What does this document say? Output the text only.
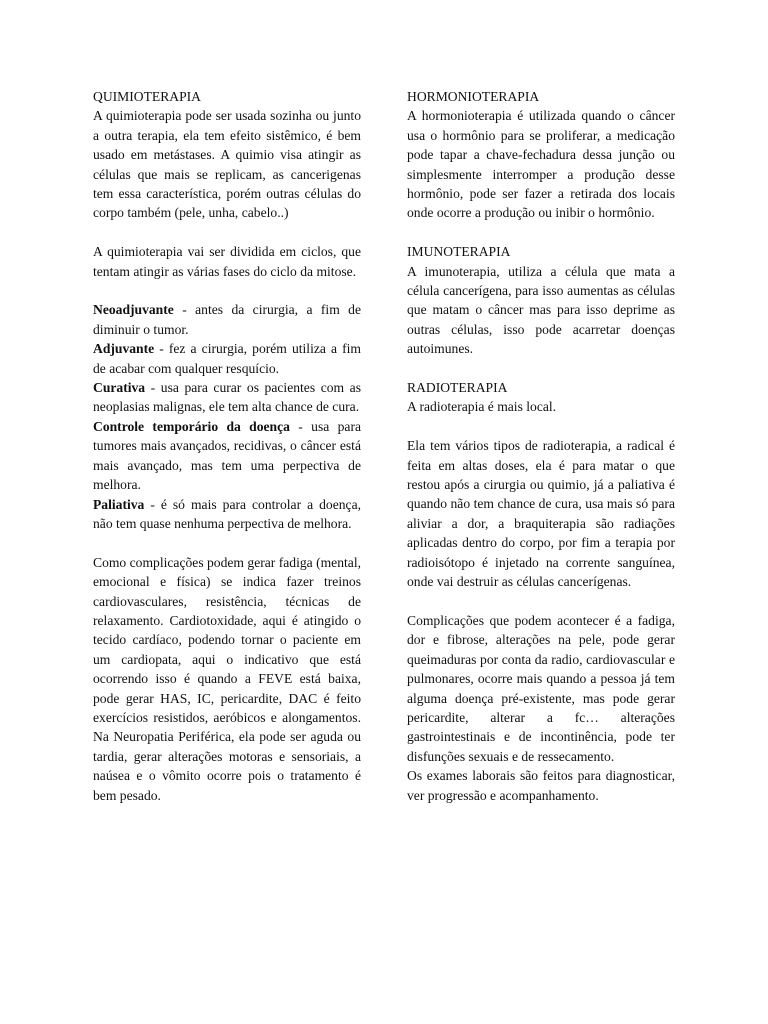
QUIMIOTERAPIA

A quimioterapia pode ser usada sozinha ou junto a outra terapia, ela tem efeito sistêmico, é bem usado em metástases. A quimio visa atingir as células que mais se replicam, as cancerigenas tem essa característica, porém outras células do corpo também (pele, unha, cabelo..)

A quimioterapia vai ser dividida em ciclos, que tentam atingir as várias fases do ciclo da mitose.

Neoadjuvante - antes da cirurgia, a fim de diminuir o tumor.

Adjuvante - fez a cirurgia, porém utiliza a fim de acabar com qualquer resquício.

Curativa - usa para curar os pacientes com as neoplasias malignas, ele tem alta chance de cura.

Controle temporário da doença - usa para tumores mais avançados, recidivas, o câncer está mais avançado, mas tem uma perpectiva de melhora.

Paliativa - é só mais para controlar a doença, não tem quase nenhuma perpectiva de melhora.

Como complicações podem gerar fadiga (mental, emocional e física) se indica fazer treinos cardiovasculares, resistência, técnicas de relaxamento. Cardiotoxidade, aqui é atingido o tecido cardíaco, podendo tornar o paciente em um cardiopata, aqui o indicativo que está ocorrendo isso é quando a FEVE está baixa, pode gerar HAS, IC, pericardite, DAC é feito exercícios resistidos, aeróbicos e alongamentos. Na Neuropatia Periférica, ela pode ser aguda ou tardia, gerar alterações motoras e sensoriais, a naúsea e o vômito ocorre pois o tratamento é bem pesado.

HORMONIOTERAPIA

A hormonioterapia é utilizada quando o câncer usa o hormônio para se proliferar, a medicação pode tapar a chave-fechadura dessa junção ou simplesmente interromper a produção desse hormônio, pode ser fazer a retirada dos locais onde ocorre a produção ou inibir o hormônio.

IMUNOTERAPIA

A imunoterapia, utiliza a célula que mata a célula cancerígena, para isso aumentas as células que matam o câncer mas para isso deprime as outras células, isso pode acarretar doenças autoimunes.

RADIOTERAPIA

A radioterapia é mais local.

Ela tem vários tipos de radioterapia, a radical é feita em altas doses, ela é para matar o que restou após a cirurgia ou quimio, já a paliativa é quando não tem chance de cura, usa mais só para aliviar a dor, a braquiterapia são radiações aplicadas dentro do corpo, por fim a terapia por radioisótopo é injetado na corrente sanguínea, onde vai destruir as células cancerígenas.

Complicações que podem acontecer é a fadiga, dor e fibrose, alterações na pele, pode gerar queimaduras por conta da radio, cardiovascular e pulmonares, ocorre mais quando a pessoa já tem alguma doença pré-existente, mas pode gerar pericardite, alterar a fc… alterações gastrointestinais e de incontinência, pode ter disfunções sexuais e de ressecamento.

Os exames laborais são feitos para diagnosticar, ver progressão e acompanhamento.
